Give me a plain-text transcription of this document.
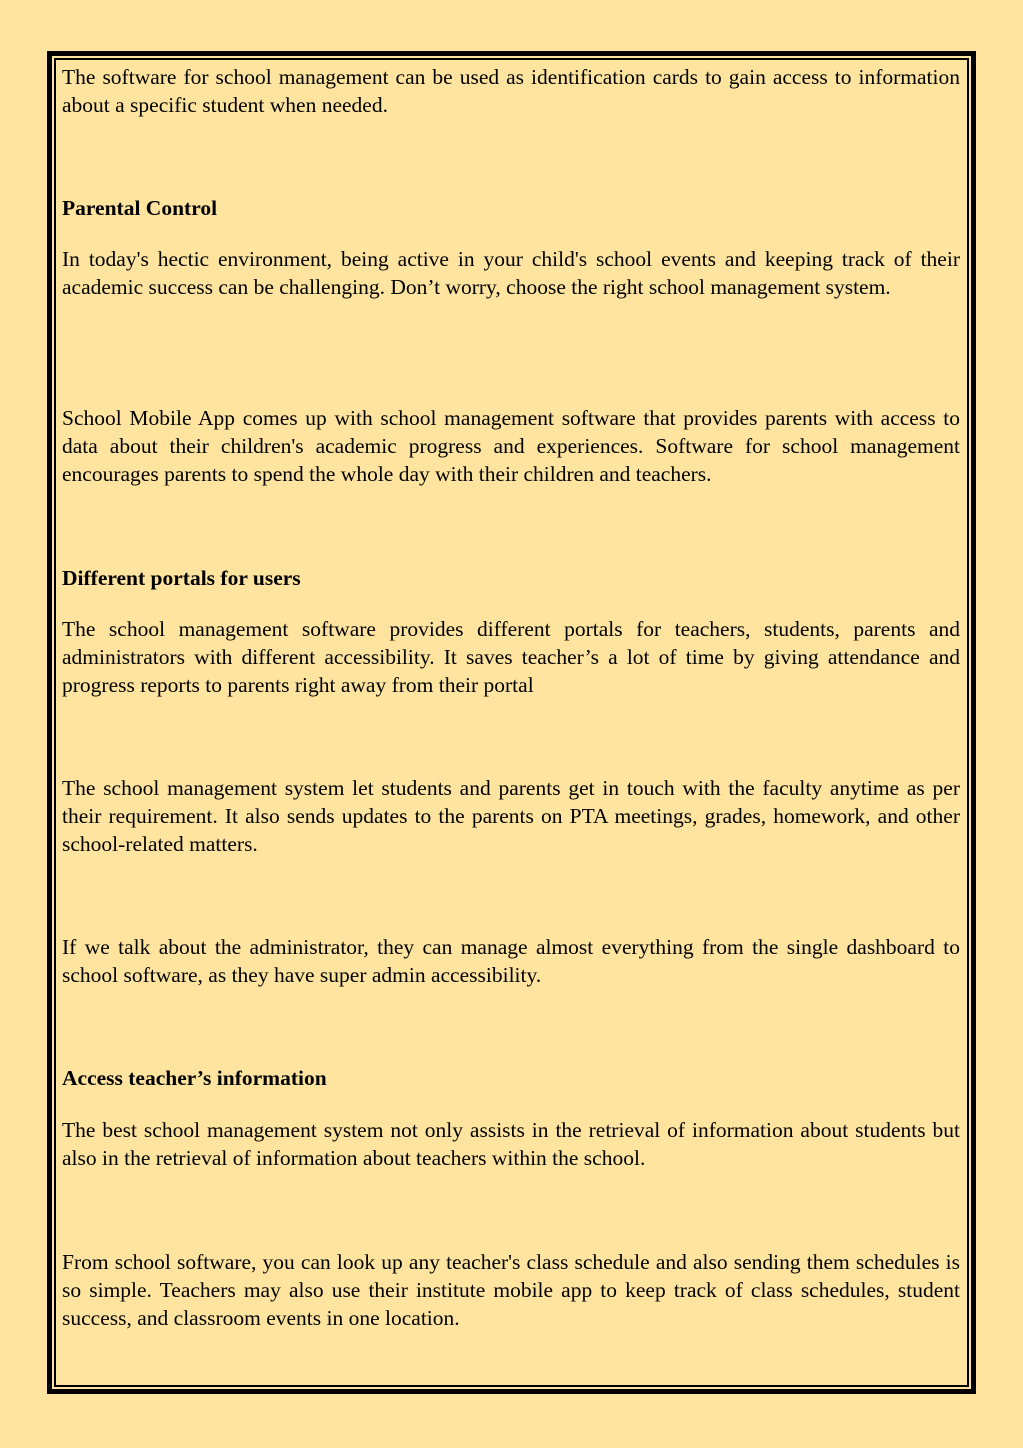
The software for school management can be used as identification cards to gain access to information about a specific student when needed.

Parental Control

In today's hectic environment, being active in your child's school events and keeping track of their academic success can be challenging. Don’t worry, choose the right school management system.

School Mobile App comes up with school management software that provides parents with access to data about their children's academic progress and experiences. Software for school management encourages parents to spend the whole day with their children and teachers.

Different portals for users

The school management software provides different portals for teachers, students, parents and administrators with different accessibility. It saves teacher’s a lot of time by giving attendance and progress reports to parents right away from their portal

The school management system let students and parents get in touch with the faculty anytime as per their requirement. It also sends updates to the parents on PTA meetings, grades, homework, and other school-related matters.

If we talk about the administrator, they can manage almost everything from the single dashboard to school software, as they have super admin accessibility.

Access teacher’s information

The best school management system not only assists in the retrieval of information about students but also in the retrieval of information about teachers within the school.

From school software, you can look up any teacher's class schedule and also sending them schedules is so simple. Teachers may also use their institute mobile app to keep track of class schedules, student success, and classroom events in one location.
